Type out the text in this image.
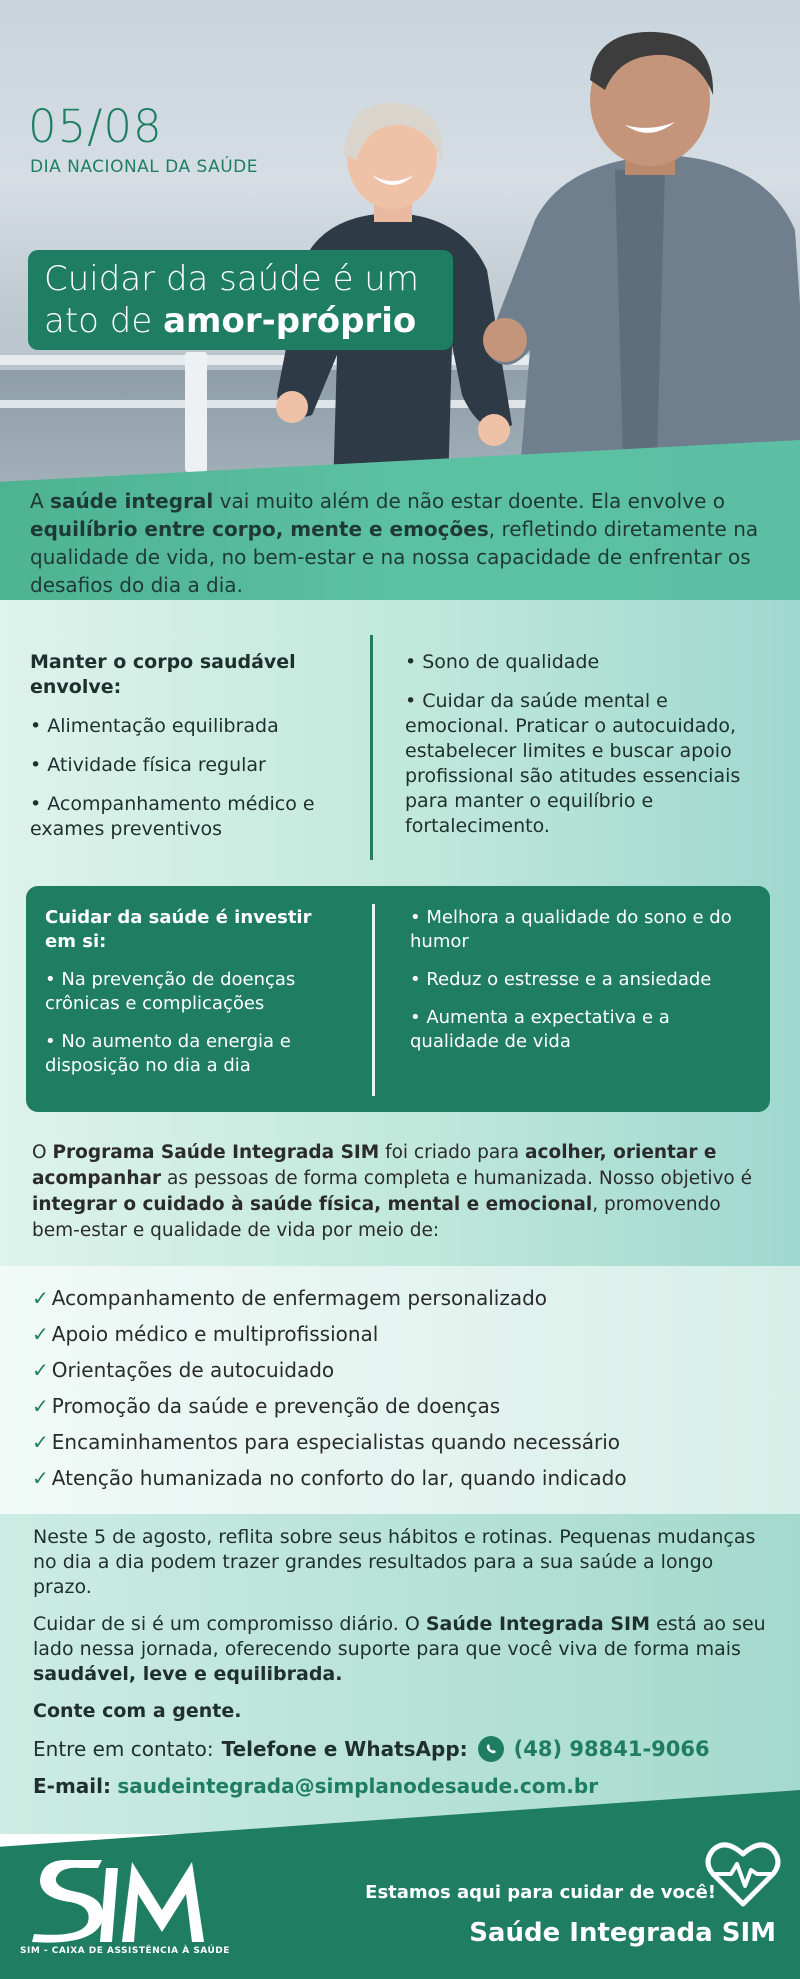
05/08
DIA NACIONAL DA SAÚDE
Cuidar da saúde é um
ato de amor-próprio
A saúde integral vai muito além de não estar doente. Ela envolve o equilíbrio entre corpo, mente e emoções, refletindo diretamente na qualidade de vida, no bem-estar e na nossa capacidade de enfrentar os desafios do dia a dia.
Manter o corpo saudável envolve:

• Alimentação equilibrada

• Atividade física regular

• Acompanhamento médico e exames preventivos

• Sono de qualidade

• Cuidar da saúde mental e emocional. Praticar o autocuidado, estabelecer limites e buscar apoio profissional são atitudes essenciais para manter o equilíbrio e fortalecimento.

Cuidar da saúde é investir em si:

• Na prevenção de doenças crônicas e complicações

• No aumento da energia e disposição no dia a dia

• Melhora a qualidade do sono e do humor

• Reduz o estresse e a ansiedade

• Aumenta a expectativa e a qualidade de vida

O Programa Saúde Integrada SIM foi criado para acolher, orientar e acompanhar as pessoas de forma completa e humanizada. Nosso objetivo é integrar o cuidado à saúde física, mental e emocional, promovendo bem-estar e qualidade de vida por meio de:
✓ Acompanhamento de enfermagem personalizado
✓ Apoio médico e multiprofissional
✓ Orientações de autocuidado
✓ Promoção da saúde e prevenção de doenças
✓ Encaminhamentos para especialistas quando necessário
✓ Atenção humanizada no conforto do lar, quando indicado

Neste 5 de agosto, reflita sobre seus hábitos e rotinas. Pequenas mudanças no dia a dia podem trazer grandes resultados para a sua saúde a longo prazo.

Cuidar de si é um compromisso diário. O Saúde Integrada SIM está ao seu lado nessa jornada, oferecendo suporte para que você viva de forma mais saudável, leve e equilibrada.

Conte com a gente.

Entre em contato: Telefone e WhatsApp: (48) 98841-9066
E-mail: saudeintegrada@simplanodesaude.com.br
SIM - CAIXA DE ASSISTÊNCIA À SAÚDE
Estamos aqui para cuidar de você!
Saúde Integrada SIM
